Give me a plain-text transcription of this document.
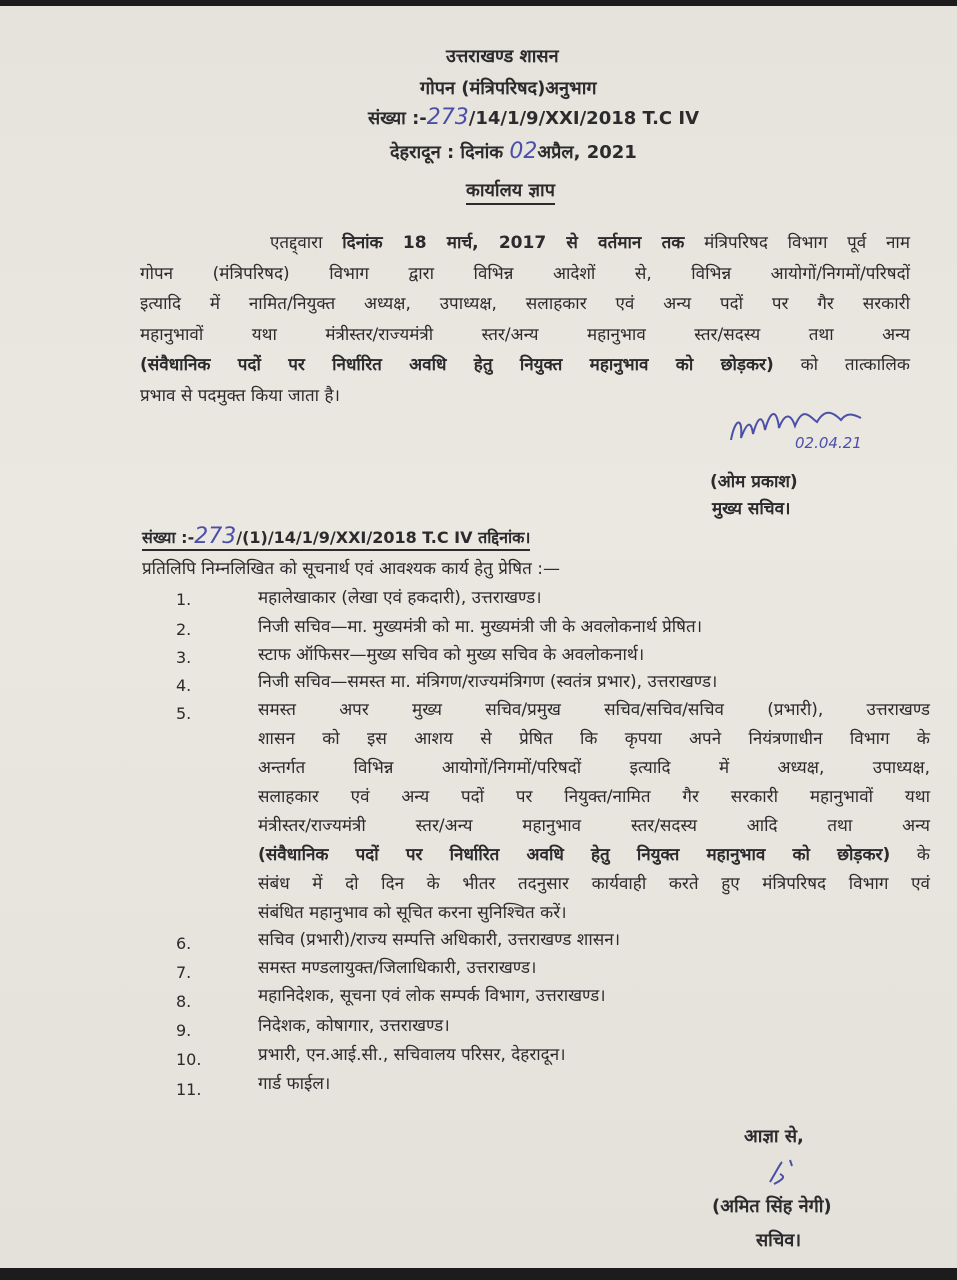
उत्तराखण्ड शासन
गोपन (मंत्रिपरिषद)अनुभाग
संख्या :-273/14/1/9/XXI/2018 T.C IV
देहरादून : दिनांक 02अप्रैल, 2021
कार्यालय ज्ञाप
एतद्द्वारा दिनांक 18 मार्च, 2017 से वर्तमान तक मंत्रिपरिषद विभाग पूर्व नाम
गोपन (मंत्रिपरिषद) विभाग द्वारा विभिन्न आदेशों से, विभिन्न आयोगों/निगमों/परिषदों
इत्यादि में नामित/नियुक्त अध्यक्ष, उपाध्यक्ष, सलाहकार एवं अन्य पदों पर गैर सरकारी
महानुभावों यथा मंत्रीस्तर/राज्यमंत्री स्तर/अन्य महानुभाव स्तर/सदस्य तथा अन्य
(संवैधानिक पदों पर निर्धारित अवधि हेतु नियुक्त महानुभाव को छोड़कर) को तात्कालिक
प्रभाव से पदमुक्त किया जाता है।
02.04.21
(ओम प्रकाश)
मुख्य सचिव।
संख्या :-273/(1)/14/1/9/XXI/2018 T.C IV तद्दिनांक।
प्रतिलिपि निम्नलिखित को सूचनार्थ एवं आवश्यक कार्य हेतु प्रेषित :—
1.	महालेखाकार (लेखा एवं हकदारी), उत्तराखण्ड।
2.	निजी सचिव—मा. मुख्यमंत्री को मा. मुख्यमंत्री जी के अवलोकनार्थ प्रेषित।
3.	स्टाफ ऑफिसर—मुख्य सचिव को मुख्य सचिव के अवलोकनार्थ।
4.	निजी सचिव—समस्त मा. मंत्रिगण/राज्यमंत्रिगण (स्वतंत्र प्रभार), उत्तराखण्ड।
5.	समस्त अपर मुख्य सचिव/प्रमुख सचिव/सचिव/सचिव (प्रभारी), उत्तराखण्ड
शासन को इस आशय से प्रेषित कि कृपया अपने नियंत्रणाधीन विभाग के
अन्तर्गत विभिन्न आयोगों/निगमों/परिषदों इत्यादि में अध्यक्ष, उपाध्यक्ष,
सलाहकार एवं अन्य पदों पर नियुक्त/नामित गैर सरकारी महानुभावों यथा
मंत्रीस्तर/राज्यमंत्री स्तर/अन्य महानुभाव स्तर/सदस्य आदि तथा अन्य
(संवैधानिक पदों पर निर्धारित अवधि हेतु नियुक्त महानुभाव को छोड़कर) के
संबंध में दो दिन के भीतर तदनुसार कार्यवाही करते हुए मंत्रिपरिषद विभाग एवं
संबंधित महानुभाव को सूचित करना सुनिश्चित करें।
6.	सचिव (प्रभारी)/राज्य सम्पत्ति अधिकारी, उत्तराखण्ड शासन।
7.	समस्त मण्डलायुक्त/जिलाधिकारी, उत्तराखण्ड।
8.	महानिदेशक, सूचना एवं लोक सम्पर्क विभाग, उत्तराखण्ड।
9.	निदेशक, कोषागार, उत्तराखण्ड।
10.	प्रभारी, एन.आई.सी., सचिवालय परिसर, देहरादून।
11.	गार्ड फाईल।
आज्ञा से,
(अमित सिंह नेगी)
सचिव।
